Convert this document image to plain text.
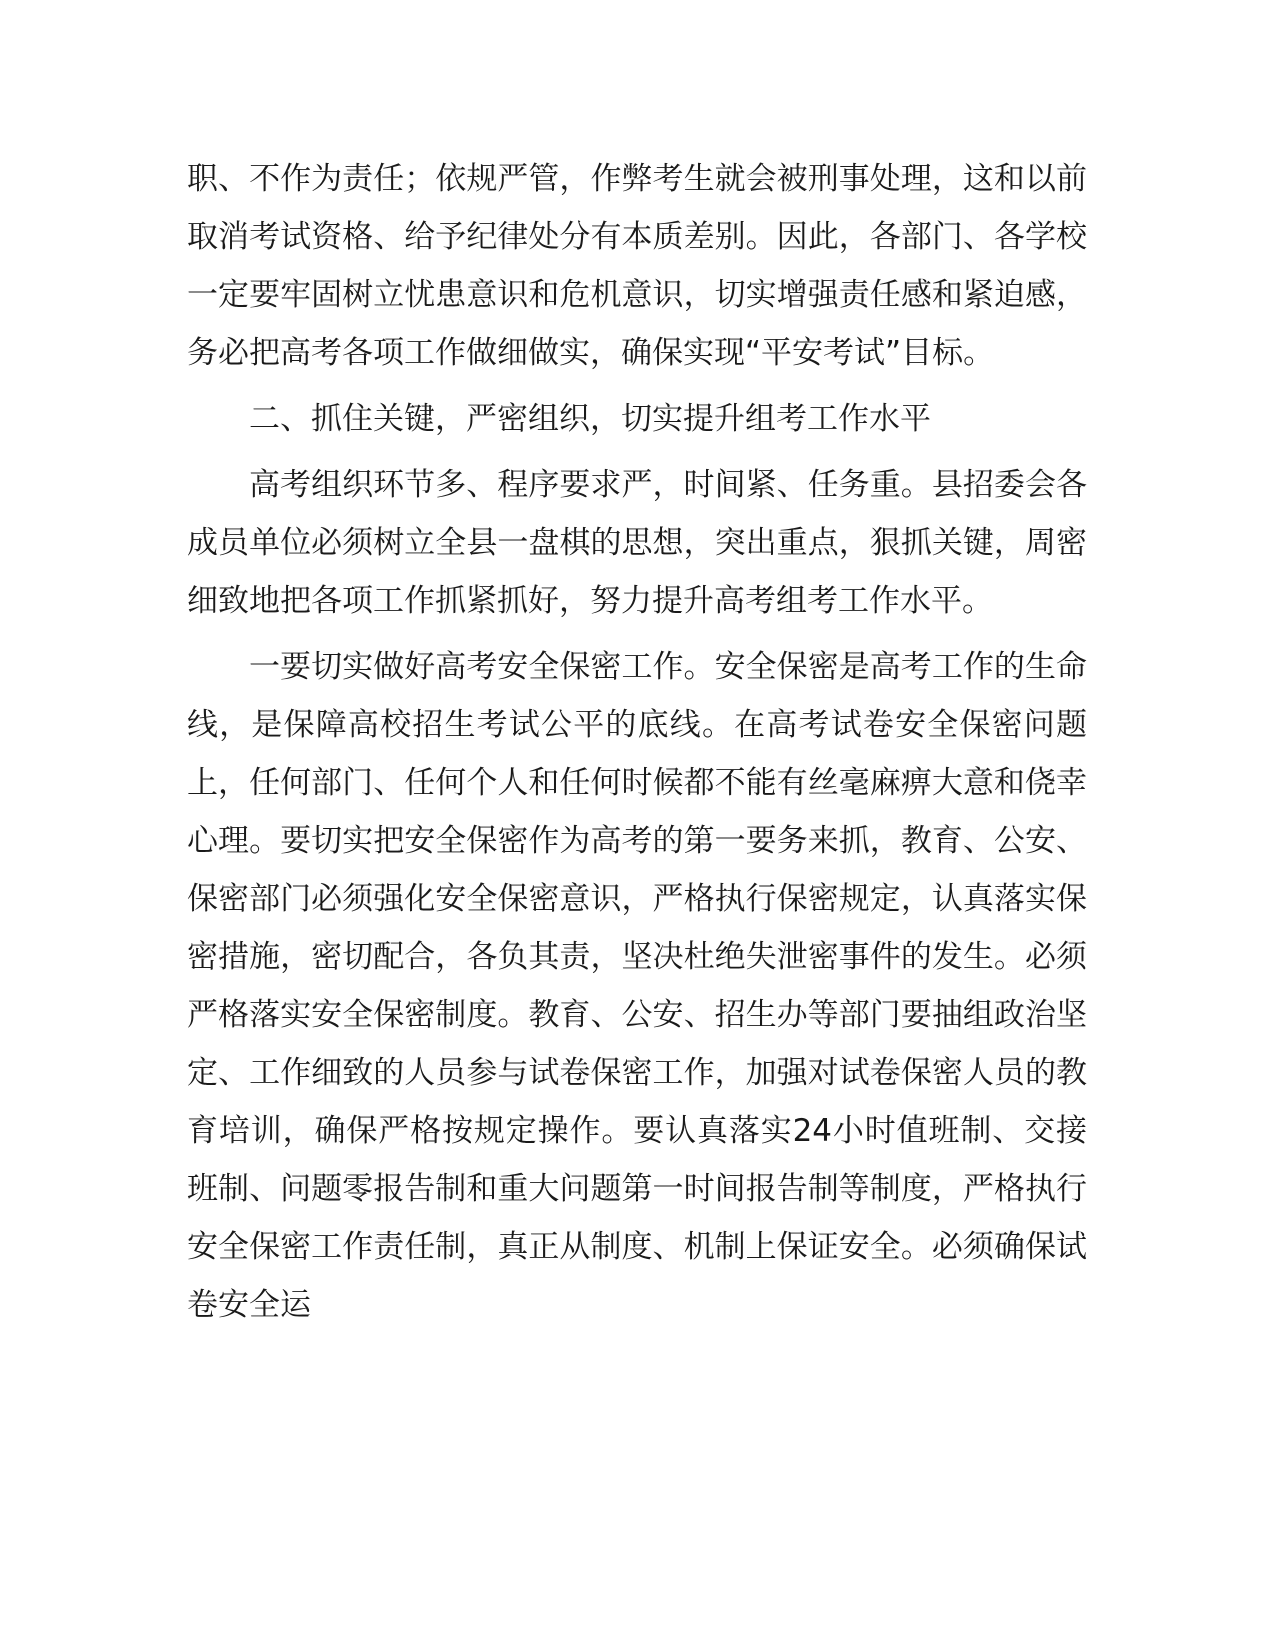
职、不作为责任；依规严管，作弊考生就会被刑事处理，这和以前取消考试资格、给予纪律处分有本质差别。因此，各部门、各学校一定要牢固树立忧患意识和危机意识，切实增强责任感和紧迫感，务必把高考各项工作做细做实，确保实现“平安考试”目标。

二、抓住关键，严密组织，切实提升组考工作水平

高考组织环节多、程序要求严，时间紧、任务重。县招委会各成员单位必须树立全县一盘棋的思想，突出重点，狠抓关键，周密细致地把各项工作抓紧抓好，努力提升高考组考工作水平。

一要切实做好高考安全保密工作。安全保密是高考工作的生命线，是保障高校招生考试公平的底线。在高考试卷安全保密问题上，任何部门、任何个人和任何时候都不能有丝毫麻痹大意和侥幸心理。要切实把安全保密作为高考的第一要务来抓，教育、公安、保密部门必须强化安全保密意识，严格执行保密规定，认真落实保密措施，密切配合，各负其责，坚决杜绝失泄密事件的发生。必须严格落实安全保密制度。教育、公安、招生办等部门要抽组政治坚定、工作细致的人员参与试卷保密工作，加强对试卷保密人员的教育培训，确保严格按规定操作。要认真落实24小时值班制、交接班制、问题零报告制和重大问题第一时间报告制等制度，严格执行安全保密工作责任制，真正从制度、机制上保证安全。必须确保试卷安全运
